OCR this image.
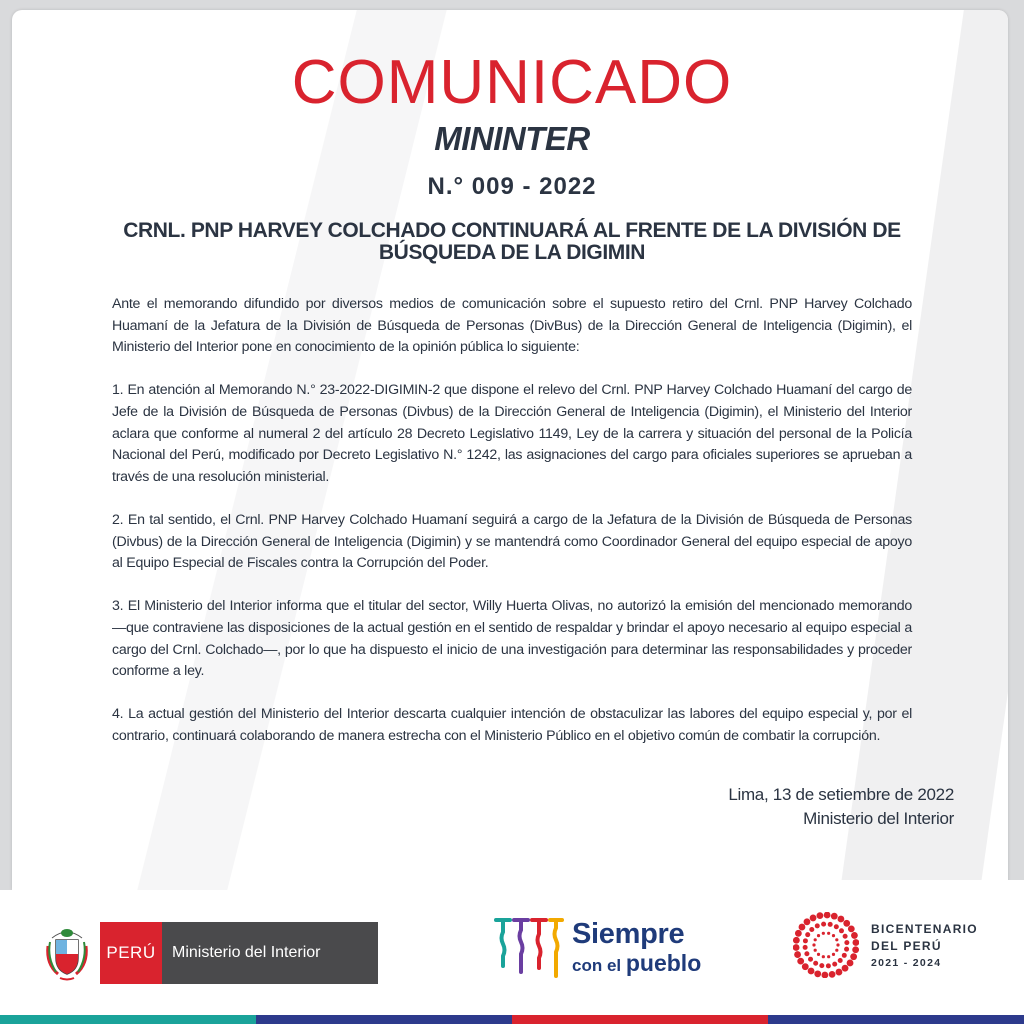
COMUNICADO
MININTER
N.° 009 - 2022
CRNL. PNP HARVEY COLCHADO CONTINUARÁ AL FRENTE DE LA DIVISIÓN DE
BÚSQUEDA DE LA DIGIMIN

Ante el memorando difundido por diversos medios de comunicación sobre el supuesto retiro del Crnl. PNP Harvey Colchado Huamaní de la Jefatura de la División de Búsqueda de Personas (DivBus) de la Dirección General de Inteligencia (Digimin), el Ministerio del Interior pone en conocimiento de la opinión pública lo siguiente:

1. En atención al Memorando N.° 23-2022-DIGIMIN-2 que dispone el relevo del Crnl. PNP Harvey Colchado Huamaní del cargo de Jefe de la División de Búsqueda de Personas (Divbus) de la Dirección General de Inteligencia (Digimin), el Ministerio del Interior aclara que conforme al numeral 2 del artículo 28 Decreto Legislativo 1149, Ley de la carrera y situación del personal de la Policía Nacional del Perú, modificado por Decreto Legislativo N.° 1242, las asignaciones del cargo para oficiales superiores se aprueban a través de una resolución ministerial.

2. En tal sentido, el Crnl. PNP Harvey Colchado Huamaní seguirá a cargo de la Jefatura de la División de Búsqueda de Personas (Divbus) de la Dirección General de Inteligencia (Digimin) y se mantendrá como Coordinador General del equipo especial de apoyo al Equipo Especial de Fiscales contra la Corrupción del Poder.

3. El Ministerio del Interior informa que el titular del sector, Willy Huerta Olivas, no autorizó la emisión del mencionado memorando —que contraviene las disposiciones de la actual gestión en el sentido de respaldar y brindar el apoyo necesario al equipo especial a cargo del Crnl. Colchado—, por lo que ha dispuesto el inicio de una investigación para determinar las responsabilidades y proceder conforme a ley.

4. La actual gestión del Ministerio del Interior descarta cualquier intención de obstaculizar las labores del equipo especial y, por el contrario, continuará colaborando de manera estrecha con el Ministerio Público en el objetivo común de combatir la corrupción.

Lima, 13 de setiembre de 2022
Ministerio del Interior
PERÚ	Ministerio del Interior
Siempre
con el pueblo
BICENTENARIO
DEL PERÚ
2021 - 2024
